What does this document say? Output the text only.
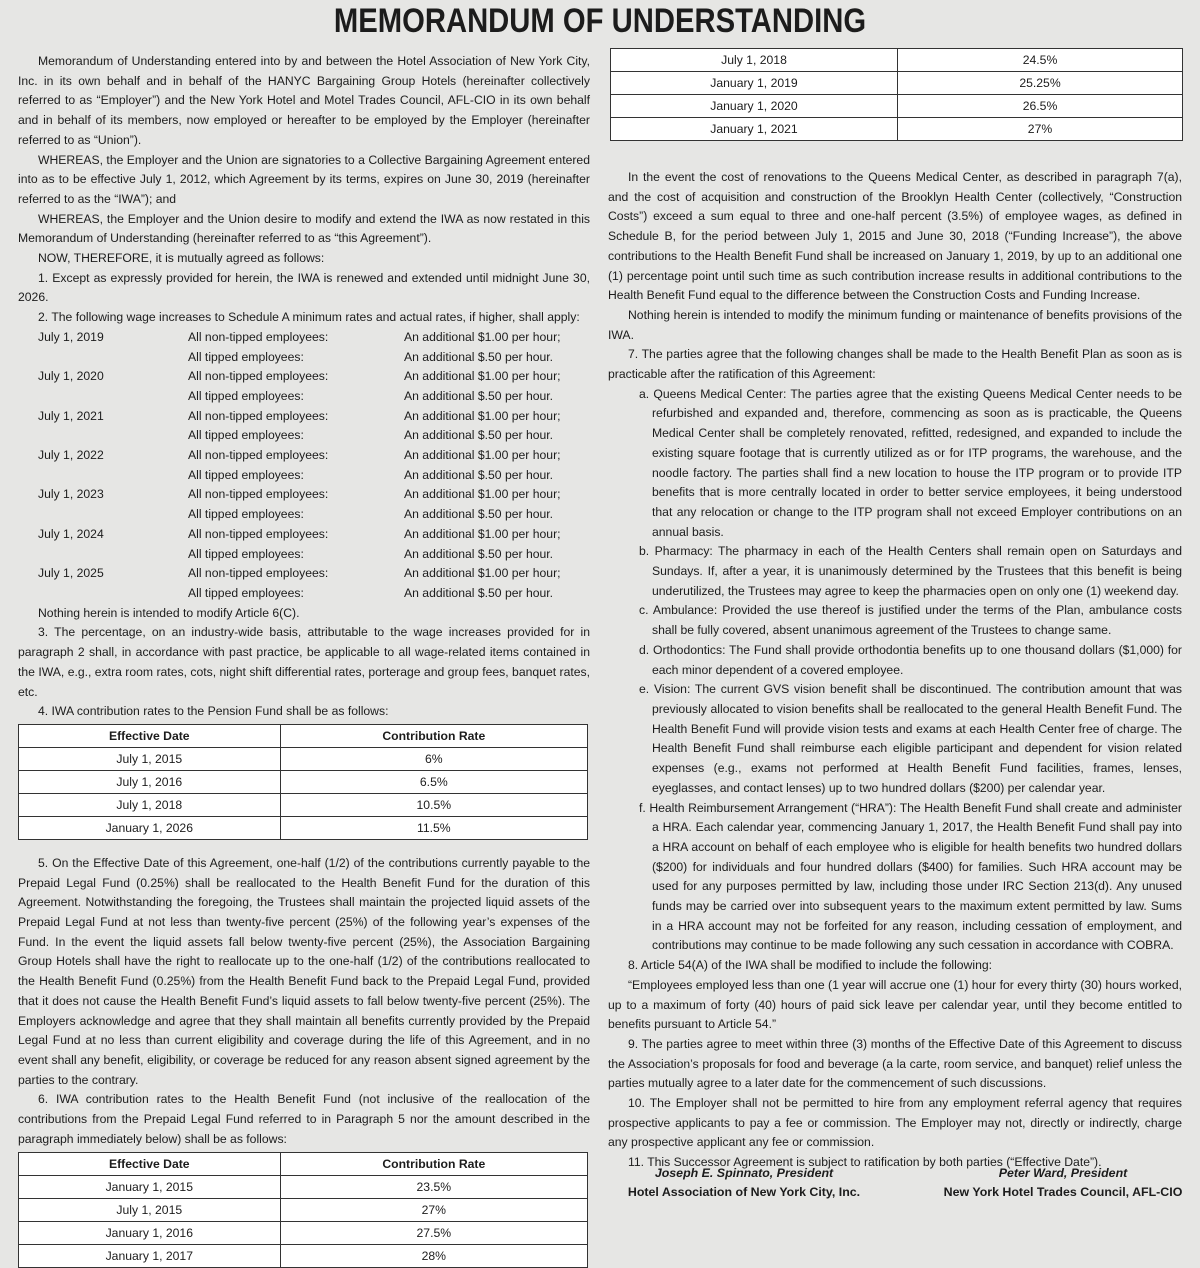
MEMORANDUM OF UNDERSTANDING

Memorandum of Understanding entered into by and between the Hotel Association of New York City, Inc. in its own behalf and in behalf of the HANYC Bargaining Group Hotels (hereinafter collectively referred to as “Employer”) and the New York Hotel and Motel Trades Council, AFL-CIO in its own behalf and in behalf of its members, now employed or hereafter to be employed by the Employer (hereinafter referred to as “Union”).

WHEREAS, the Employer and the Union are signatories to a Collective Bargaining Agreement entered into as to be effective July 1, 2012, which Agreement by its terms, expires on June 30, 2019 (hereinafter referred to as the “IWA”); and

WHEREAS, the Employer and the Union desire to modify and extend the IWA as now restated in this Memorandum of Understanding (hereinafter referred to as “this Agreement”).

NOW, THEREFORE, it is mutually agreed as follows:

1. Except as expressly provided for herein, the IWA is renewed and extended until midnight June 30, 2026.

2. The following wage increases to Schedule A minimum rates and actual rates, if higher, shall apply:

July 1, 2019	All non-tipped employees:	An additional $1.00 per hour;
All tipped employees:	An additional $.50 per hour.
July 1, 2020	All non-tipped employees:	An additional $1.00 per hour;
All tipped employees:	An additional $.50 per hour.
July 1, 2021	All non-tipped employees:	An additional $1.00 per hour;
All tipped employees:	An additional $.50 per hour.
July 1, 2022	All non-tipped employees:	An additional $1.00 per hour;
All tipped employees:	An additional $.50 per hour.
July 1, 2023	All non-tipped employees:	An additional $1.00 per hour;
All tipped employees:	An additional $.50 per hour.
July 1, 2024	All non-tipped employees:	An additional $1.00 per hour;
All tipped employees:	An additional $.50 per hour.
July 1, 2025	All non-tipped employees:	An additional $1.00 per hour;
All tipped employees:	An additional $.50 per hour.

Nothing herein is intended to modify Article 6(C).

3. The percentage, on an industry-wide basis, attributable to the wage increases provided for in paragraph 2 shall, in accordance with past practice, be applicable to all wage-related items contained in the IWA, e.g., extra room rates, cots, night shift differential rates, porterage and group fees, banquet rates, etc.

4. IWA contribution rates to the Pension Fund shall be as follows:

Effective Date	Contribution Rate
July 1, 2015	6%
July 1, 2016	6.5%
July 1, 2018	10.5%
January 1, 2026	11.5%

5. On the Effective Date of this Agreement, one-half (1/2) of the contributions currently payable to the Prepaid Legal Fund (0.25%) shall be reallocated to the Health Benefit Fund for the duration of this Agreement. Notwithstanding the foregoing, the Trustees shall maintain the projected liquid assets of the Prepaid Legal Fund at not less than twenty-five percent (25%) of the following year’s expenses of the Fund. In the event the liquid assets fall below twenty-five percent (25%), the Association Bargaining Group Hotels shall have the right to reallocate up to the one-half (1/2) of the contributions reallocated to the Health Benefit Fund (0.25%) from the Health Benefit Fund back to the Prepaid Legal Fund, provided that it does not cause the Health Benefit Fund’s liquid assets to fall below twenty-five percent (25%). The Employers acknowledge and agree that they shall maintain all benefits currently provided by the Prepaid Legal Fund at no less than current eligibility and coverage during the life of this Agreement, and in no event shall any benefit, eligibility, or coverage be reduced for any reason absent signed agreement by the parties to the contrary.

6. IWA contribution rates to the Health Benefit Fund (not inclusive of the reallocation of the contributions from the Prepaid Legal Fund referred to in Paragraph 5 nor the amount described in the paragraph immediately below) shall be as follows:

Effective Date	Contribution Rate
January 1, 2015	23.5%
July 1, 2015	27%
January 1, 2016	27.5%
January 1, 2017	28%
July 1, 2018	24.5%
January 1, 2019	25.25%
January 1, 2020	26.5%
January 1, 2021	27%

In the event the cost of renovations to the Queens Medical Center, as described in paragraph 7(a), and the cost of acquisition and construction of the Brooklyn Health Center (collectively, “Construction Costs”) exceed a sum equal to three and one-half percent (3.5%) of employee wages, as defined in Schedule B, for the period between July 1, 2015 and June 30, 2018 (“Funding Increase”), the above contributions to the Health Benefit Fund shall be increased on January 1, 2019, by up to an additional one (1) percentage point until such time as such contribution increase results in additional contributions to the Health Benefit Fund equal to the difference between the Construction Costs and Funding Increase.

Nothing herein is intended to modify the minimum funding or maintenance of benefits provisions of the IWA.

7. The parties agree that the following changes shall be made to the Health Benefit Plan as soon as is practicable after the ratification of this Agreement:

a. Queens Medical Center: The parties agree that the existing Queens Medical Center needs to be refurbished and expanded and, therefore, commencing as soon as is practicable, the Queens Medical Center shall be completely renovated, refitted, redesigned, and expanded to include the existing square footage that is currently utilized as or for ITP programs, the warehouse, and the noodle factory. The parties shall find a new location to house the ITP program or to provide ITP benefits that is more centrally located in order to better service employees, it being understood that any relocation or change to the ITP program shall not exceed Employer contributions on an annual basis.

b. Pharmacy: The pharmacy in each of the Health Centers shall remain open on Saturdays and Sundays. If, after a year, it is unanimously determined by the Trustees that this benefit is being underutilized, the Trustees may agree to keep the pharmacies open on only one (1) weekend day.

c. Ambulance: Provided the use thereof is justified under the terms of the Plan, ambulance costs shall be fully covered, absent unanimous agreement of the Trustees to change same.

d. Orthodontics: The Fund shall provide orthodontia benefits up to one thousand dollars ($1,000) for each minor dependent of a covered employee.

e. Vision: The current GVS vision benefit shall be discontinued. The contribution amount that was previously allocated to vision benefits shall be reallocated to the general Health Benefit Fund. The Health Benefit Fund will provide vision tests and exams at each Health Center free of charge. The Health Benefit Fund shall reimburse each eligible participant and dependent for vision related expenses (e.g., exams not performed at Health Benefit Fund facilities, frames, lenses, eyeglasses, and contact lenses) up to two hundred dollars ($200) per calendar year.

f. Health Reimbursement Arrangement (“HRA”): The Health Benefit Fund shall create and administer a HRA. Each calendar year, commencing January 1, 2017, the Health Benefit Fund shall pay into a HRA account on behalf of each employee who is eligible for health benefits two hundred dollars ($200) for individuals and four hundred dollars ($400) for families. Such HRA account may be used for any purposes permitted by law, including those under IRC Section 213(d). Any unused funds may be carried over into subsequent years to the maximum extent permitted by law. Sums in a HRA account may not be forfeited for any reason, including cessation of employment, and contributions may continue to be made following any such cessation in accordance with COBRA.

8. Article 54(A) of the IWA shall be modified to include the following:

“Employees employed less than one (1 year will accrue one (1) hour for every thirty (30) hours worked, up to a maximum of forty (40) hours of paid sick leave per calendar year, until they become entitled to benefits pursuant to Article 54.”

9. The parties agree to meet within three (3) months of the Effective Date of this Agreement to discuss the Association’s proposals for food and beverage (a la carte, room service, and banquet) relief unless the parties mutually agree to a later date for the commencement of such discussions.

10. The Employer shall not be permitted to hire from any employment referral agency that requires prospective applicants to pay a fee or commission. The Employer may not, directly or indirectly, charge any prospective applicant any fee or commission.

11. This Successor Agreement is subject to ratification by both parties (“Effective Date”).

Joseph E. Spinnato, President
Hotel Association of New York City, Inc.
Peter Ward, President
New York Hotel Trades Council, AFL-CIO
